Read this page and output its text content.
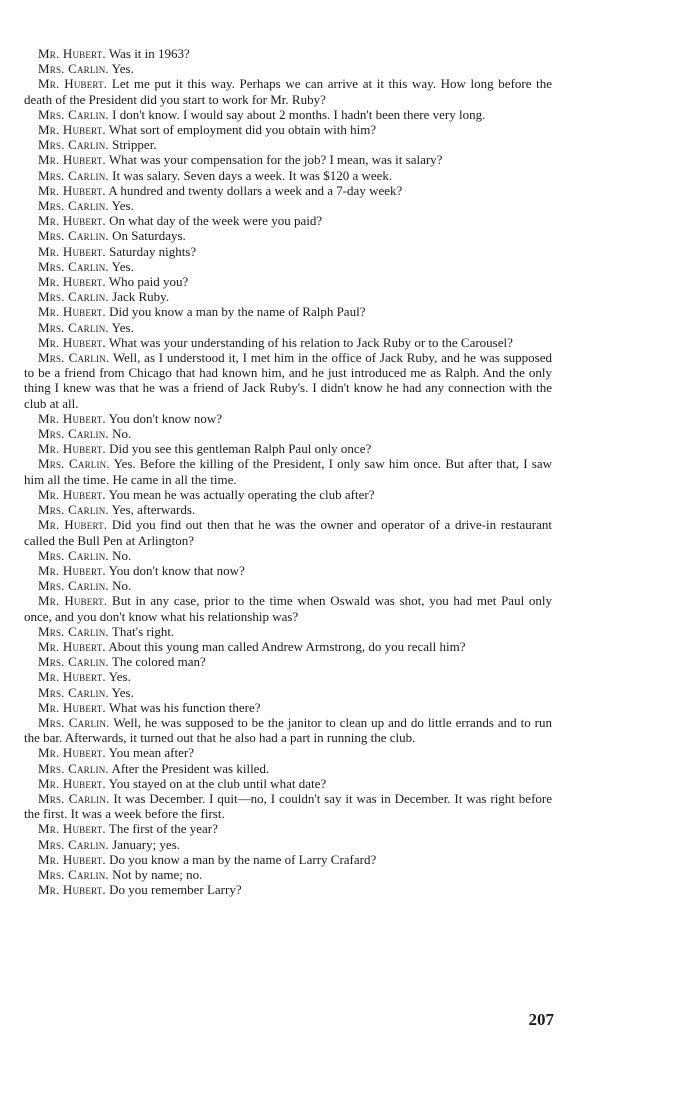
Mr. Hubert. Was it in 1963?

Mrs. Carlin. Yes.

Mr. Hubert. Let me put it this way. Perhaps we can arrive at it this way. How long before the death of the President did you start to work for Mr. Ruby?

Mrs. Carlin. I don't know. I would say about 2 months. I hadn't been there very long.

Mr. Hubert. What sort of employment did you obtain with him?

Mrs. Carlin. Stripper.

Mr. Hubert. What was your compensation for the job? I mean, was it salary?

Mrs. Carlin. It was salary. Seven days a week. It was $120 a week.

Mr. Hubert. A hundred and twenty dollars a week and a 7-day week?

Mrs. Carlin. Yes.

Mr. Hubert. On what day of the week were you paid?

Mrs. Carlin. On Saturdays.

Mr. Hubert. Saturday nights?

Mrs. Carlin. Yes.

Mr. Hubert. Who paid you?

Mrs. Carlin. Jack Ruby.

Mr. Hubert. Did you know a man by the name of Ralph Paul?

Mrs. Carlin. Yes.

Mr. Hubert. What was your understanding of his relation to Jack Ruby or to the Carousel?

Mrs. Carlin. Well, as I understood it, I met him in the office of Jack Ruby, and he was supposed to be a friend from Chicago that had known him, and he just introduced me as Ralph. And the only thing I knew was that he was a friend of Jack Ruby's. I didn't know he had any connection with the club at all.

Mr. Hubert. You don't know now?

Mrs. Carlin. No.

Mr. Hubert. Did you see this gentleman Ralph Paul only once?

Mrs. Carlin. Yes. Before the killing of the President, I only saw him once. But after that, I saw him all the time. He came in all the time.

Mr. Hubert. You mean he was actually operating the club after?

Mrs. Carlin. Yes, afterwards.

Mr. Hubert. Did you find out then that he was the owner and operator of a drive-in restaurant called the Bull Pen at Arlington?

Mrs. Carlin. No.

Mr. Hubert. You don't know that now?

Mrs. Carlin. No.

Mr. Hubert. But in any case, prior to the time when Oswald was shot, you had met Paul only once, and you don't know what his relationship was?

Mrs. Carlin. That's right.

Mr. Hubert. About this young man called Andrew Armstrong, do you recall him?

Mrs. Carlin. The colored man?

Mr. Hubert. Yes.

Mrs. Carlin. Yes.

Mr. Hubert. What was his function there?

Mrs. Carlin. Well, he was supposed to be the janitor to clean up and do little errands and to run the bar. Afterwards, it turned out that he also had a part in running the club.

Mr. Hubert. You mean after?

Mrs. Carlin. After the President was killed.

Mr. Hubert. You stayed on at the club until what date?

Mrs. Carlin. It was December. I quit—no, I couldn't say it was in December. It was right before the first. It was a week before the first.

Mr. Hubert. The first of the year?

Mrs. Carlin. January; yes.

Mr. Hubert. Do you know a man by the name of Larry Crafard?

Mrs. Carlin. Not by name; no.

Mr. Hubert. Do you remember Larry?

207
